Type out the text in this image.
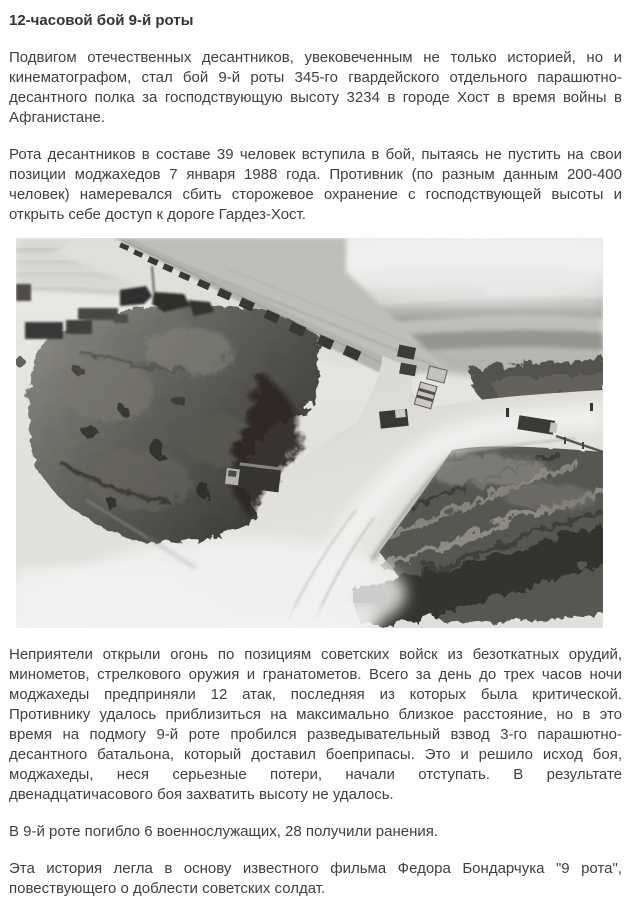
12-часовой бой 9-й роты

Подвигом отечественных десантников, увековеченным не только историей, но и кинематографом, стал бой 9-й роты 345-го гвардейского отдельного парашютно-десантного полка за господствующую высоту 3234 в городе Хост в время войны в Афганистане.

Рота десантников в составе 39 человек вступила в бой, пытаясь не пустить на свои позиции моджахедов 7 января 1988 года. Противник (по разным данным 200-400 человек) намеревался сбить сторожевое охранение с господствующей высоты и открыть себе доступ к дороге Гардез-Хост.

Неприятели открыли огонь по позициям советских войск из безоткатных орудий, минометов, стрелкового оружия и гранатометов. Всего за день до трех часов ночи моджахеды предприняли 12 атак, последняя из которых была критической. Противнику удалось приблизиться на максимально близкое расстояние, но в это время на подмогу 9-й роте пробился разведывательный взвод 3-го парашютно-десантного батальона, который доставил боеприпасы. Это и решило исход боя, моджахеды, неся серьезные потери, начали отступать. В результате двенадцатичасового боя захватить высоту не удалось.

В 9-й роте погибло 6 военнослужащих, 28 получили ранения.

Эта история легла в основу известного фильма Федора Бондарчука "9 рота", повествующего о доблести советских солдат.
